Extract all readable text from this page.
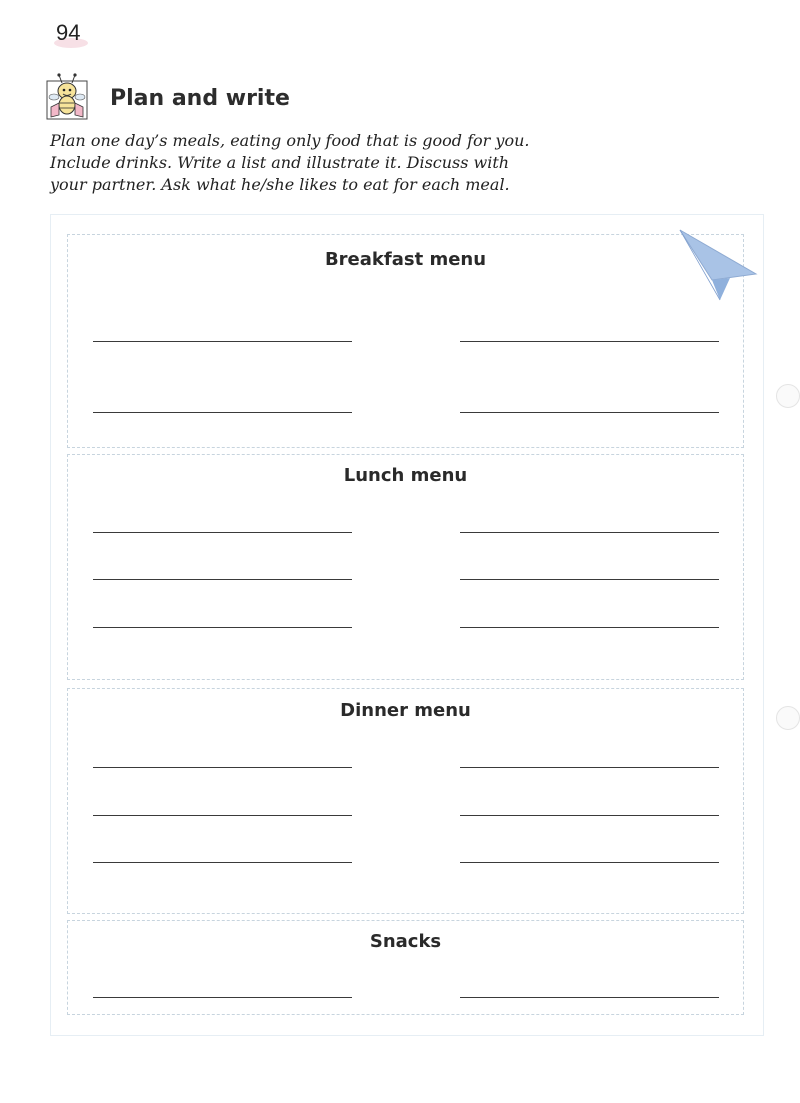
94
Plan and write
Plan one day’s meals, eating only food that is good for you.
Include drinks. Write a list and illustrate it. Discuss with
your partner. Ask what he/she likes to eat for each meal.
Breakfast menu
Lunch menu
Dinner menu
Snacks
